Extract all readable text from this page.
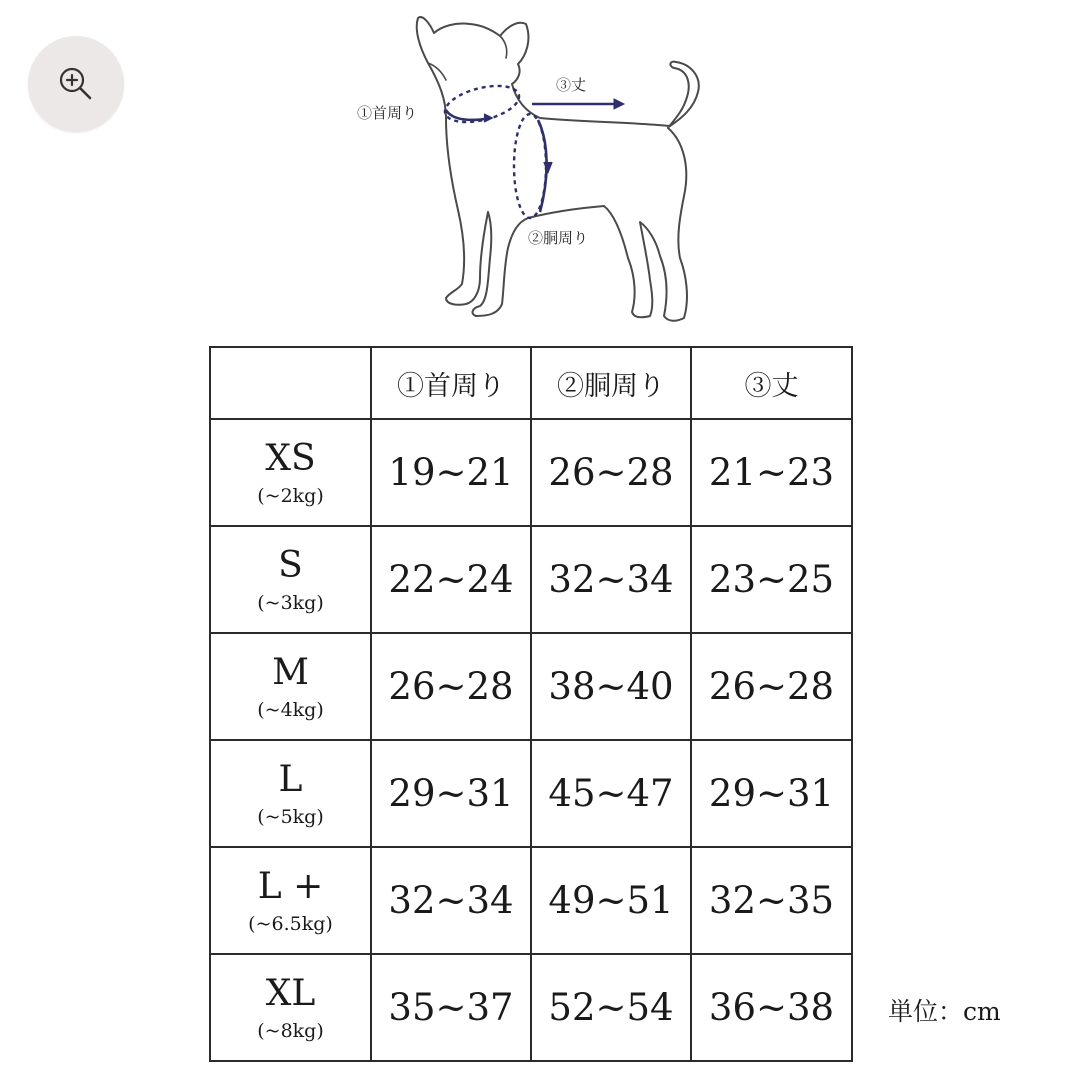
①首周り
②胴周り
③丈
	①首周り	②胴周り	③丈

XS
(~2kg)	19~21	26~28	21~23

S
(~3kg)	22~24	32~34	23~25

M
(~4kg)	26~28	38~40	26~28

L
(~5kg)	29~31	45~47	29~31

L +
(~6.5kg)	32~34	49~51	32~35

XL
(~8kg)	35~37	52~54	36~38 単位：cm
